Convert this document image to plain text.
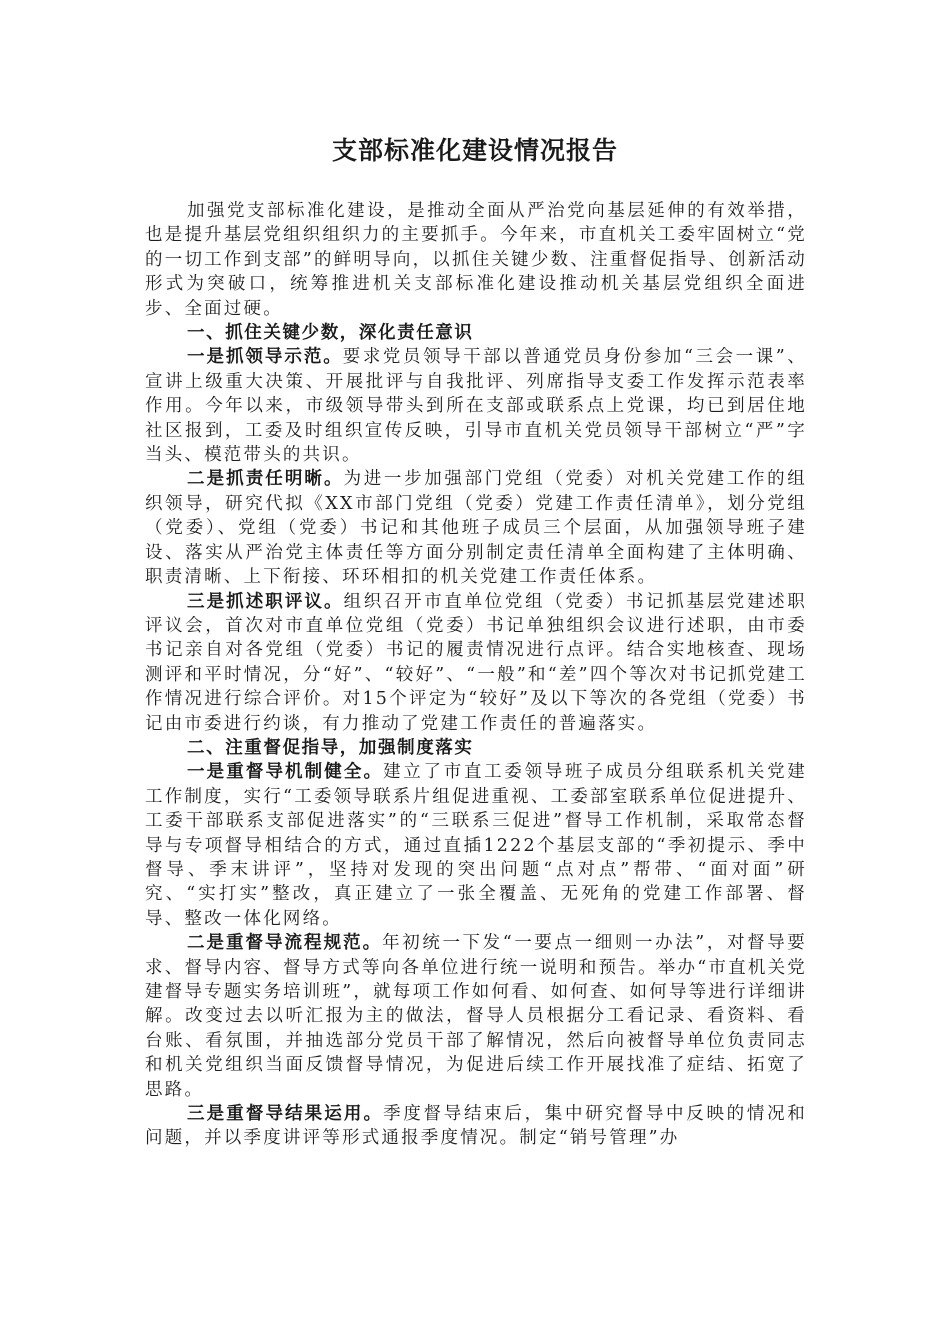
支部标准化建设情况报告

加强党支部标准化建设，是推动全面从严治党向基层延伸的有效举措，也是提升基层党组织组织力的主要抓手。今年来，市直机关工委牢固树立“党的一切工作到支部”的鲜明导向，以抓住关键少数、注重督促指导、创新活动形式为突破口，统筹推进机关支部标准化建设推动机关基层党组织全面进步、全面过硬。

一、抓住关键少数，深化责任意识

一是抓领导示范。要求党员领导干部以普通党员身份参加“三会一课”、宣讲上级重大决策、开展批评与自我批评、列席指导支委工作发挥示范表率作用。今年以来，市级领导带头到所在支部或联系点上党课，均已到居住地社区报到，工委及时组织宣传反映，引导市直机关党员领导干部树立“严”字当头、模范带头的共识。

二是抓责任明晰。为进一步加强部门党组（党委）对机关党建工作的组织领导，研究代拟《XX市部门党组（党委）党建工作责任清单》，划分党组（党委）、党组（党委）书记和其他班子成员三个层面，从加强领导班子建设、落实从严治党主体责任等方面分别制定责任清单全面构建了主体明确、职责清晰、上下衔接、环环相扣的机关党建工作责任体系。

三是抓述职评议。组织召开市直单位党组（党委）书记抓基层党建述职评议会，首次对市直单位党组（党委）书记单独组织会议进行述职，由市委书记亲自对各党组（党委）书记的履责情况进行点评。结合实地核查、现场测评和平时情况，分“好”、“较好”、“一般”和“差”四个等次对书记抓党建工作情况进行综合评价。对15个评定为“较好”及以下等次的各党组（党委）书记由市委进行约谈，有力推动了党建工作责任的普遍落实。

二、注重督促指导，加强制度落实

一是重督导机制健全。建立了市直工委领导班子成员分组联系机关党建工作制度，实行“工委领导联系片组促进重视、工委部室联系单位促进提升、工委干部联系支部促进落实”的“三联系三促进”督导工作机制，采取常态督导与专项督导相结合的方式，通过直插1222个基层支部的“季初提示、季中督导、季末讲评”，坚持对发现的突出问题“点对点”帮带、“面对面”研究、“实打实”整改，真正建立了一张全覆盖、无死角的党建工作部署、督导、整改一体化网络。

二是重督导流程规范。年初统一下发“一要点一细则一办法”，对督导要求、督导内容、督导方式等向各单位进行统一说明和预告。举办“市直机关党建督导专题实务培训班”，就每项工作如何看、如何查、如何导等进行详细讲解。改变过去以听汇报为主的做法，督导人员根据分工看记录、看资料、看台账、看氛围，并抽选部分党员干部了解情况，然后向被督导单位负责同志和机关党组织当面反馈督导情况，为促进后续工作开展找准了症结、拓宽了思路。

三是重督导结果运用。季度督导结束后，集中研究督导中反映的情况和问题，并以季度讲评等形式通报季度情况。制定“销号管理”办
